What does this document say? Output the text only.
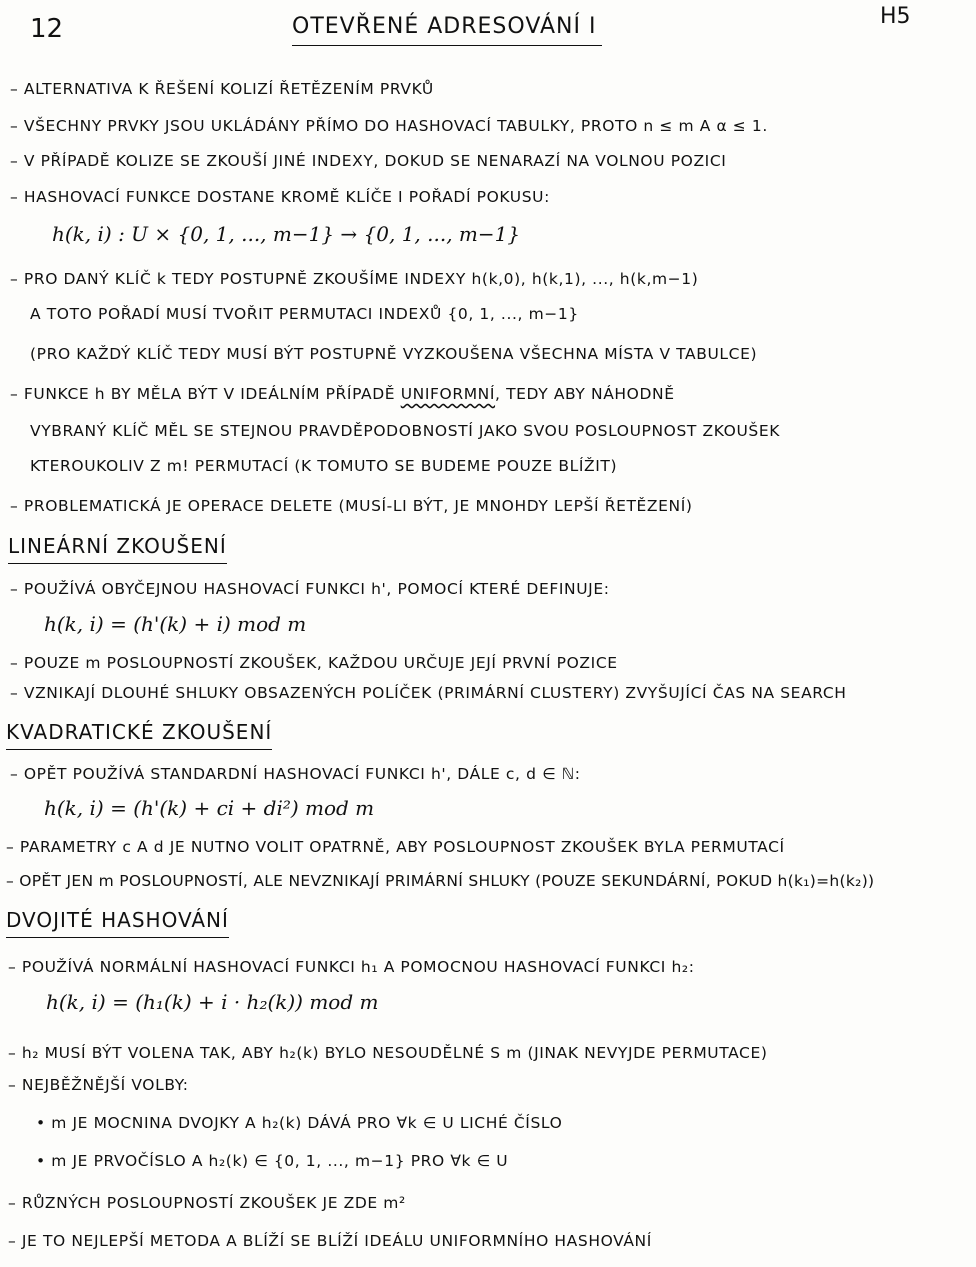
12	OTEVŘENÉ ADRESOVÁNÍ I	H5
– ALTERNATIVA K ŘEŠENÍ KOLIZÍ ŘETĚZENÍM PRVKŮ
– VŠECHNY PRVKY JSOU UKLÁDÁNY PŘÍMO DO HASHOVACÍ TABULKY, PROTO n ≤ m A α ≤ 1.
– V PŘÍPADĚ KOLIZE SE ZKOUŠÍ JINÉ INDEXY, DOKUD SE NENARAZÍ NA VOLNOU POZICI
– HASHOVACÍ FUNKCE DOSTANE KROMĚ KLÍČE I POŘADÍ POKUSU:
h(k, i) : U × {0, 1, ..., m−1} → {0, 1, ..., m−1}
– PRO DANÝ KLÍČ k TEDY POSTUPNĚ ZKOUŠÍME INDEXY h(k,0), h(k,1), ..., h(k,m−1)
A TOTO POŘADÍ MUSÍ TVOŘIT PERMUTACI INDEXŮ {0, 1, ..., m−1}
(PRO KAŽDÝ KLÍČ TEDY MUSÍ BÝT POSTUPNĚ VYZKOUŠENA VŠECHNA MÍSTA V TABULCE)
– FUNKCE h BY MĚLA BÝT V IDEÁLNÍM PŘÍPADĚ UNIFORMNÍ, TEDY ABY NÁHODNĚ
VYBRANÝ KLÍČ MĚL SE STEJNOU PRAVDĚPODOBNOSTÍ JAKO SVOU POSLOUPNOST ZKOUŠEK
KTEROUKOLIV Z m! PERMUTACÍ (K TOMUTO SE BUDEME POUZE BLÍŽIT)
– PROBLEMATICKÁ JE OPERACE DELETE (MUSÍ-LI BÝT, JE MNOHDY LEPŠÍ ŘETĚZENÍ)
LINEÁRNÍ ZKOUŠENÍ
– POUŽÍVÁ OBYČEJNOU HASHOVACÍ FUNKCI h', POMOCÍ KTERÉ DEFINUJE:
h(k, i) = (h'(k) + i) mod m
– POUZE m POSLOUPNOSTÍ ZKOUŠEK, KAŽDOU URČUJE JEJÍ PRVNÍ POZICE
– VZNIKAJÍ DLOUHÉ SHLUKY OBSAZENÝCH POLÍČEK (PRIMÁRNÍ CLUSTERY) ZVYŠUJÍCÍ ČAS NA SEARCH
KVADRATICKÉ ZKOUŠENÍ
– OPĚT POUŽÍVÁ STANDARDNÍ HASHOVACÍ FUNKCI h', DÁLE c, d ∈ ℕ:
h(k, i) = (h'(k) + ci + di²) mod m
– PARAMETRY c A d JE NUTNO VOLIT OPATRNĚ, ABY POSLOUPNOST ZKOUŠEK BYLA PERMUTACÍ
– OPĚT JEN m POSLOUPNOSTÍ, ALE NEVZNIKAJÍ PRIMÁRNÍ SHLUKY (POUZE SEKUNDÁRNÍ, POKUD h(k₁)=h(k₂))
DVOJITÉ HASHOVÁNÍ
– POUŽÍVÁ NORMÁLNÍ HASHOVACÍ FUNKCI h₁ A POMOCNOU HASHOVACÍ FUNKCI h₂:
h(k, i) = (h₁(k) + i · h₂(k)) mod m
– h₂ MUSÍ BÝT VOLENA TAK, ABY h₂(k) BYLO NESOUDĚLNÉ S m (JINAK NEVYJDE PERMUTACE)
– NEJBĚŽNĚJŠÍ VOLBY:
• m JE MOCNINA DVOJKY A h₂(k) DÁVÁ PRO ∀k ∈ U LICHÉ ČÍSLO
• m JE PRVOČÍSLO A h₂(k) ∈ {0, 1, ..., m−1} PRO ∀k ∈ U
– RŮZNÝCH POSLOUPNOSTÍ ZKOUŠEK JE ZDE m²
– JE TO NEJLEPŠÍ METODA A BLÍŽÍ SE BLÍŽÍ IDEÁLU UNIFORMNÍHO HASHOVÁNÍ
